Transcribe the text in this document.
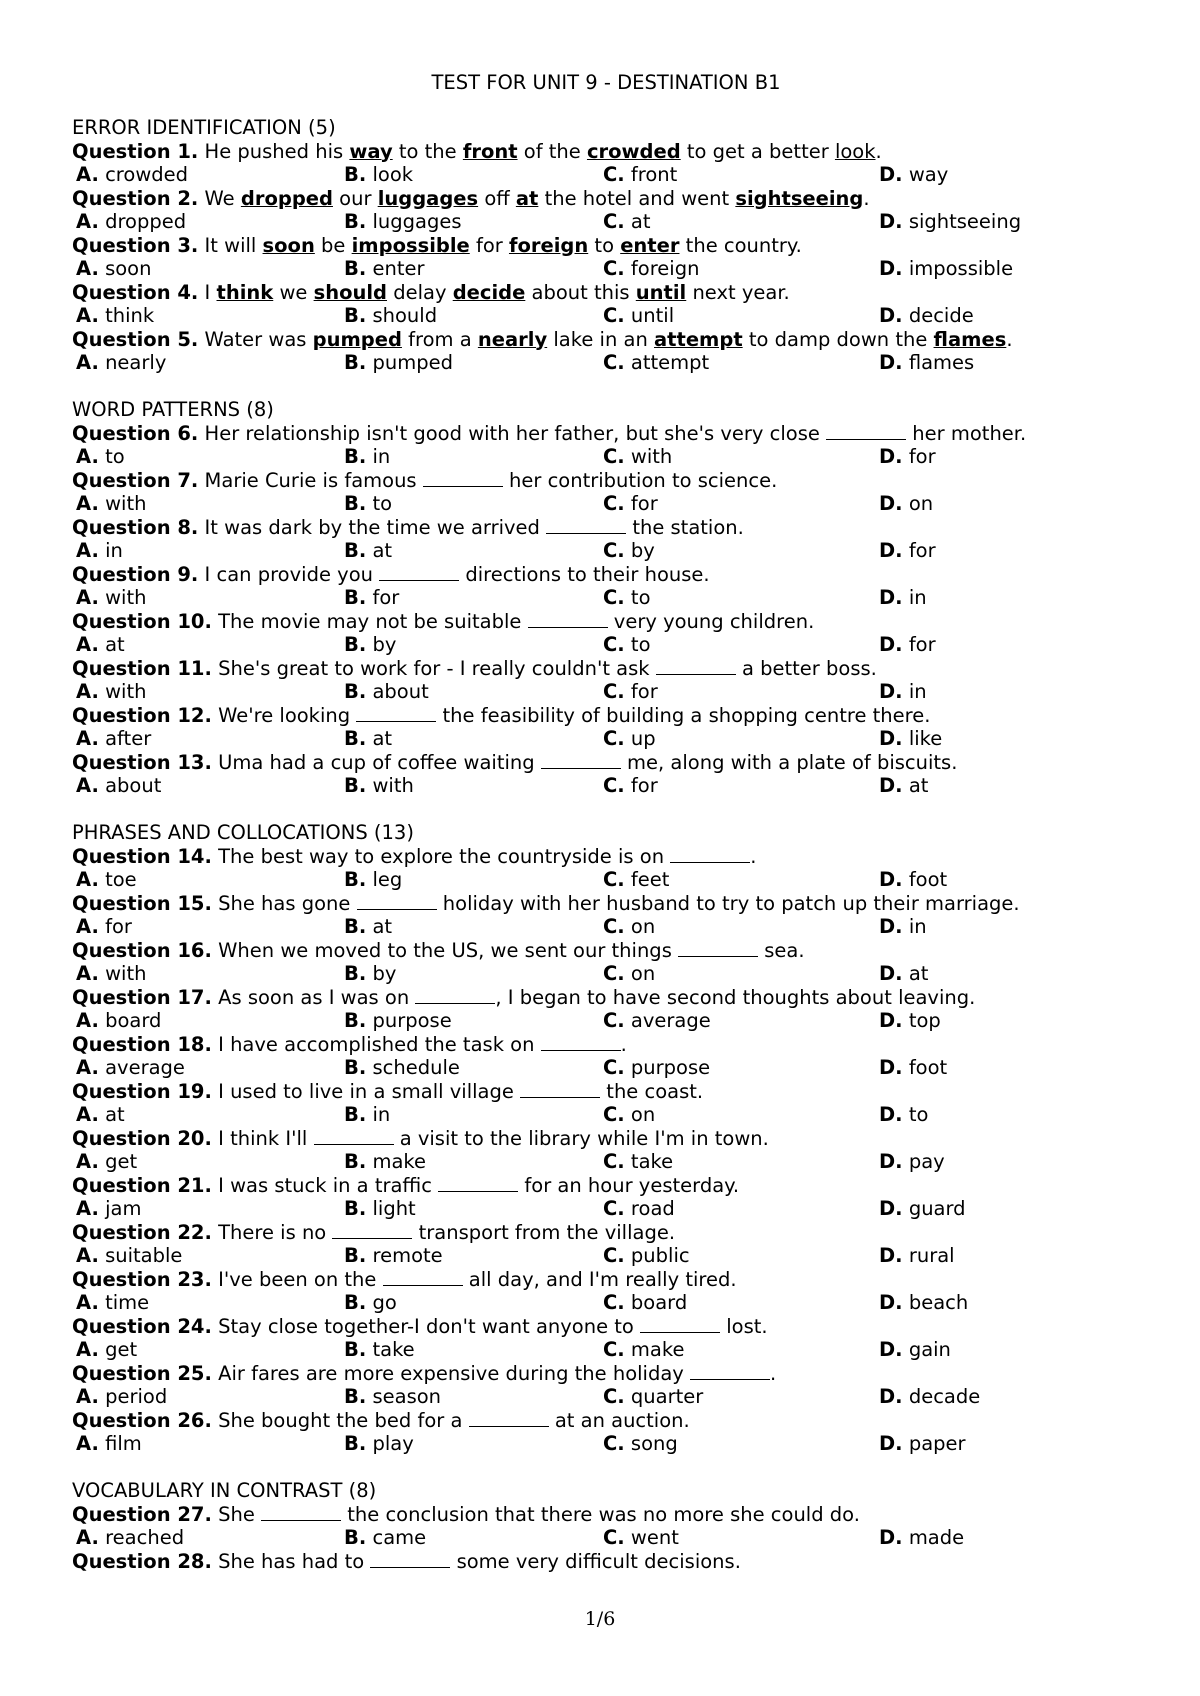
TEST FOR UNIT 9 - DESTINATION B1
ERROR IDENTIFICATION (5)
Question 1. He pushed his way to the front of the crowded to get a better look.
A. crowded	B. look	C. front	D. way
Question 2. We dropped our luggages off at the hotel and went sightseeing.
A. dropped	B. luggages	C. at	D. sightseeing
Question 3. It will soon be impossible for foreign to enter the country.
A. soon	B. enter	C. foreign	D. impossible
Question 4. I think we should delay decide about this until next year.
A. think	B. should	C. until	D. decide
Question 5. Water was pumped from a nearly lake in an attempt to damp down the flames.
A. nearly	B. pumped	C. attempt	D. flames
WORD PATTERNS (8)
Question 6. Her relationship isn't good with her father, but she's very close	her mother.
A. to	B. in	C. with	D. for
Question 7. Marie Curie is famous	her contribution to science.
A. with	B. to	C. for	D. on
Question 8. It was dark by the time we arrived	the station.
A. in	B. at	C. by	D. for
Question 9. I can provide you	directions to their house.
A. with	B. for	C. to	D. in
Question 10. The movie may not be suitable	very young children.
A. at	B. by	C. to	D. for
Question 11. She's great to work for - I really couldn't ask	a better boss.
A. with	B. about	C. for	D. in
Question 12. We're looking	the feasibility of building a shopping centre there.
A. after	B. at	C. up	D. like
Question 13. Uma had a cup of coffee waiting	me, along with a plate of biscuits.
A. about	B. with	C. for	D. at
PHRASES AND COLLOCATIONS (13)
Question 14. The best way to explore the countryside is on	.
A. toe	B. leg	C. feet	D. foot
Question 15. She has gone	holiday with her husband to try to patch up their marriage.
A. for	B. at	C. on	D. in
Question 16. When we moved to the US, we sent our things	sea.
A. with	B. by	C. on	D. at
Question 17. As soon as I was on	, I began to have second thoughts about leaving.
A. board	B. purpose	C. average	D. top
Question 18. I have accomplished the task on	.
A. average	B. schedule	C. purpose	D. foot
Question 19. I used to live in a small village	the coast.
A. at	B. in	C. on	D. to
Question 20. I think I'll	a visit to the library while I'm in town.
A. get	B. make	C. take	D. pay
Question 21. I was stuck in a traffic	for an hour yesterday.
A. jam	B. light	C. road	D. guard
Question 22. There is no	transport from the village.
A. suitable	B. remote	C. public	D. rural
Question 23. I've been on the	all day, and I'm really tired.
A. time	B. go	C. board	D. beach
Question 24. Stay close together-I don't want anyone to	lost.
A. get	B. take	C. make	D. gain
Question 25. Air fares are more expensive during the holiday	.
A. period	B. season	C. quarter	D. decade
Question 26. She bought the bed for a	at an auction.
A. film	B. play	C. song	D. paper
VOCABULARY IN CONTRAST (8)
Question 27. She	the conclusion that there was no more she could do.
A. reached	B. came	C. went	D. made
Question 28. She has had to	some very difficult decisions.
1/6
